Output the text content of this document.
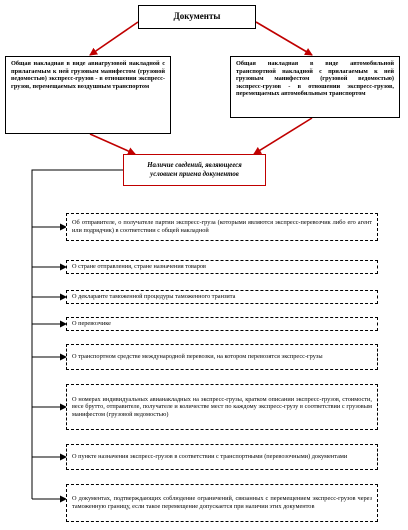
Документы
Общая накладная в виде авиагрузовой накладной с прилагаемым к ней грузовым манифестом (грузовой ведомостью) экспресс-грузов - в отношении экспресс-грузов, перемещаемых воздушным транспортом
Общая накладная в виде автомобильной транспортной накладной с прилагаемым к ней грузовым манифестом (грузовой ведомостью) экспресс-грузов - в отношении экспресс-грузов, перемещаемых автомобильным транспортом
Наличие сведений, являющееся
условием приема документов
Об отправителе, о получателе партии экспресс-груза (которыми являются экспресс-перевозчик либо его агент или подрядчик) в соответствии с общей накладной
О стране отправления, стране назначения товаров
О декларанте таможенной процедуры таможенного транзита
О перевозчике
О транспортном средстве международной перевозки, на котором перевозятся экспресс-грузы
О номерах индивидуальных авианакладных на экспресс-грузы, кратком описании экспресс-грузов, стоимости, весе брутто, отправителе, получателе и количестве мест по каждому экспресс-грузу в соответствии с грузовым манифестом (грузовой ведомостью)
О пункте назначения экспресс-грузов в соответствии с транспортными (перевозочными) документами
О документах, подтверждающих соблюдение ограничений, связанных с перемещением экспресс-грузов через таможенную границу, если такое перемещение допускается при наличии этих документов
